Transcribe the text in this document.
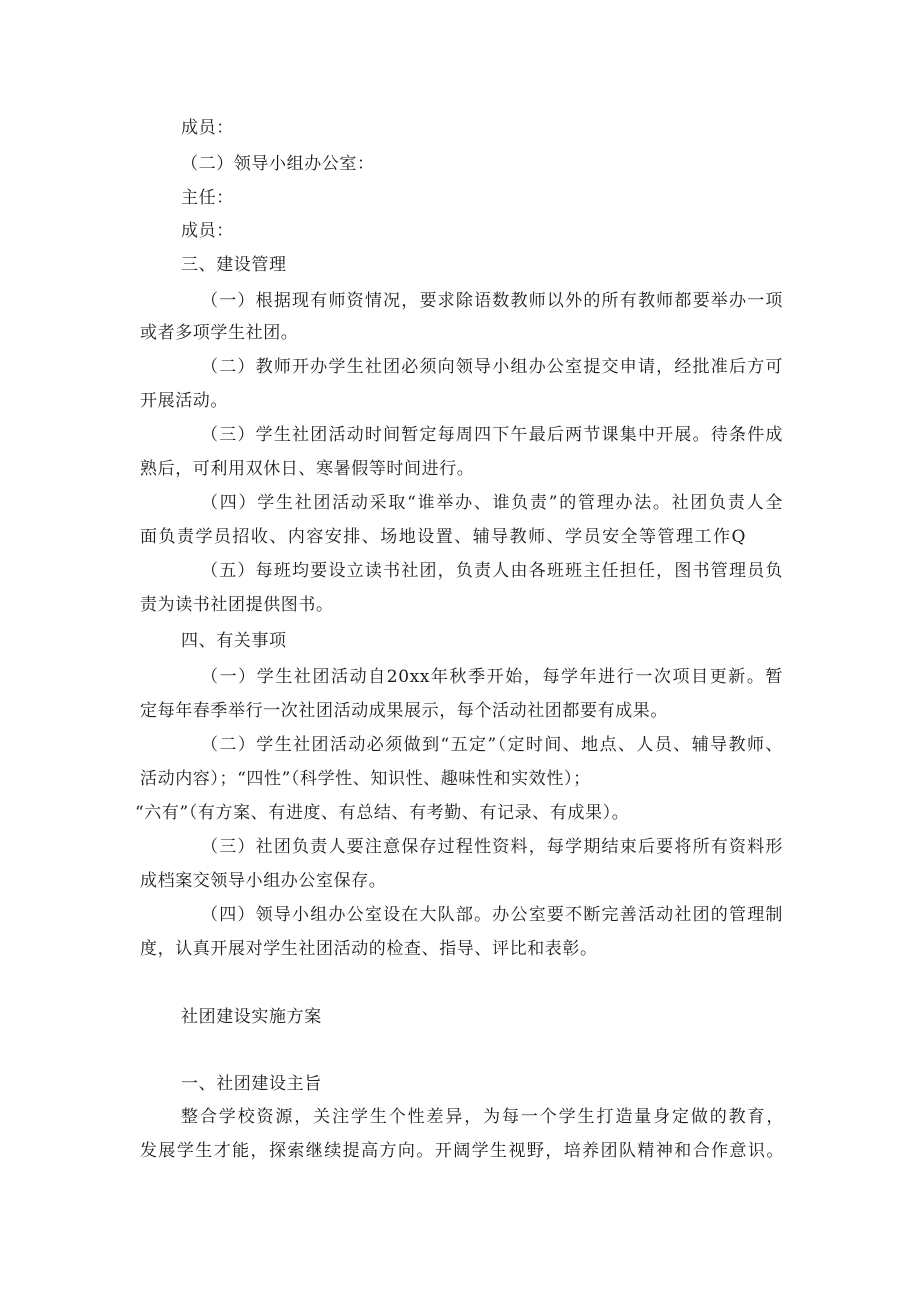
成员：
（二）领导小组办公室：
主任：
成员：
三、建设管理
（一）根据现有师资情况，要求除语数教师以外的所有教师都要举办一项
或者多项学生社团。
（二）教师开办学生社团必须向领导小组办公室提交申请，经批准后方可
开展活动。
（三）学生社团活动时间暂定每周四下午最后两节课集中开展。待条件成
熟后，可利用双休日、寒暑假等时间进行。
（四）学生社团活动采取“谁举办、谁负责”的管理办法。社团负责人全
面负责学员招收、内容安排、场地设置、辅导教师、学员安全等管理工作Q
（五）每班均要设立读书社团，负责人由各班班主任担任，图书管理员负
责为读书社团提供图书。
四、有关事项
（一）学生社团活动自20xx年秋季开始，每学年进行一次项目更新。暂
定每年春季举行一次社团活动成果展示，每个活动社团都要有成果。
（二）学生社团活动必须做到“五定”（定时间、地点、人员、辅导教师、
活动内容）；“四性”（科学性、知识性、趣味性和实效性）；
“六有”（有方案、有进度、有总结、有考勤、有记录、有成果）。
（三）社团负责人要注意保存过程性资料，每学期结束后要将所有资料形
成档案交领导小组办公室保存。
（四）领导小组办公室设在大队部。办公室要不断完善活动社团的管理制
度，认真开展对学生社团活动的检查、指导、评比和表彰。
社团建设实施方案
一、社团建设主旨
整合学校资源，关注学生个性差异，为每一个学生打造量身定做的教育，
发展学生才能，探索继续提高方向。开阔学生视野，培养团队精神和合作意识。
